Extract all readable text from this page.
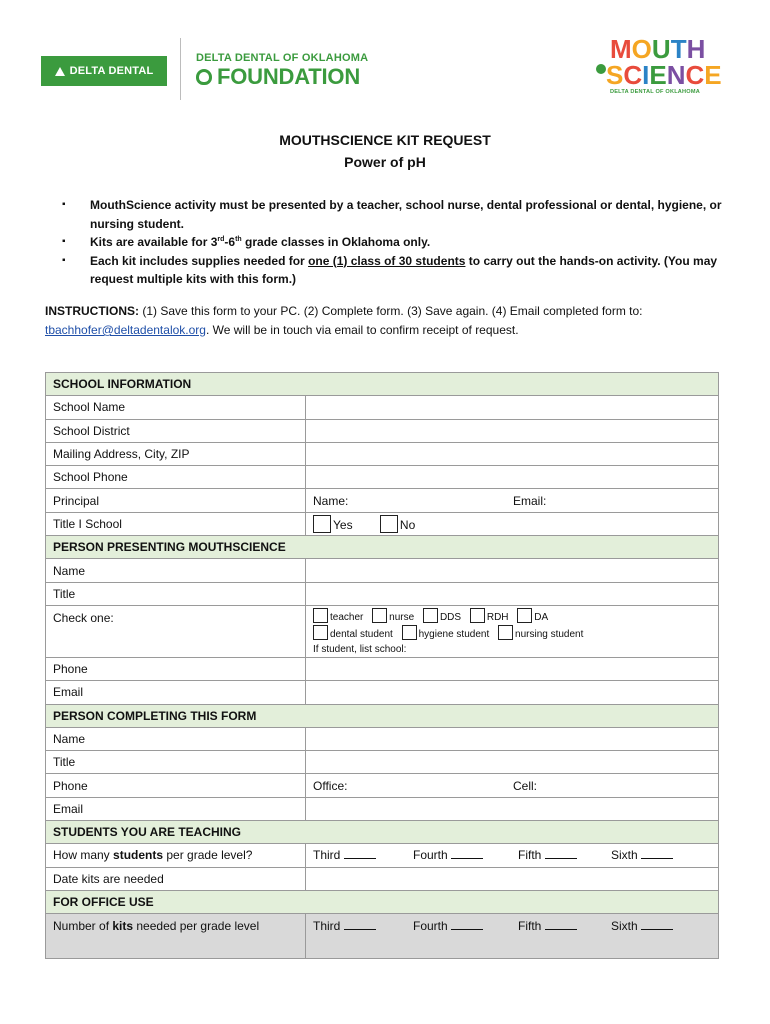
DELTA DENTAL
DELTA DENTAL OF OKLAHOMA
FOUNDATION
MOUTH
SCIENCE
DELTA DENTAL OF OKLAHOMA
MOUTHSCIENCE KIT REQUEST
Power of pH
▪ MouthScience activity must be presented by a teacher, school nurse, dental professional or dental, hygiene, or nursing student.
▪ Kits are available for 3rd-6th grade classes in Oklahoma only.
▪ Each kit includes supplies needed for one (1) class of 30 students to carry out the hands-on activity. (You may request multiple kits with this form.)
INSTRUCTIONS: (1) Save this form to your PC. (2) Complete form. (3) Save again. (4) Email completed form to:
tbachhofer@deltadentalok.org. We will be in touch via email to confirm receipt of request.
SCHOOL INFORMATION	
School Name	
School District	
Mailing Address, City, ZIP	
School Phone	
Principal	Name: Email:
Title I School	Yes No
PERSON PRESENTING MOUTHSCIENCE	
Name	
Title	
Check one:	teacher nurse DDS RDH DA
dental student hygiene student nursing student
If student, list school:

Phone	
Email	
PERSON COMPLETING THIS FORM	
Name	
Title	
Phone	Office: Cell:
Email	
STUDENTS YOU ARE TEACHING	
How many students per grade level?	Third Fourth Fifth Sixth
Date kits are needed	
FOR OFFICE USE	
Number of kits needed per grade level	Third Fourth Fifth Sixth
